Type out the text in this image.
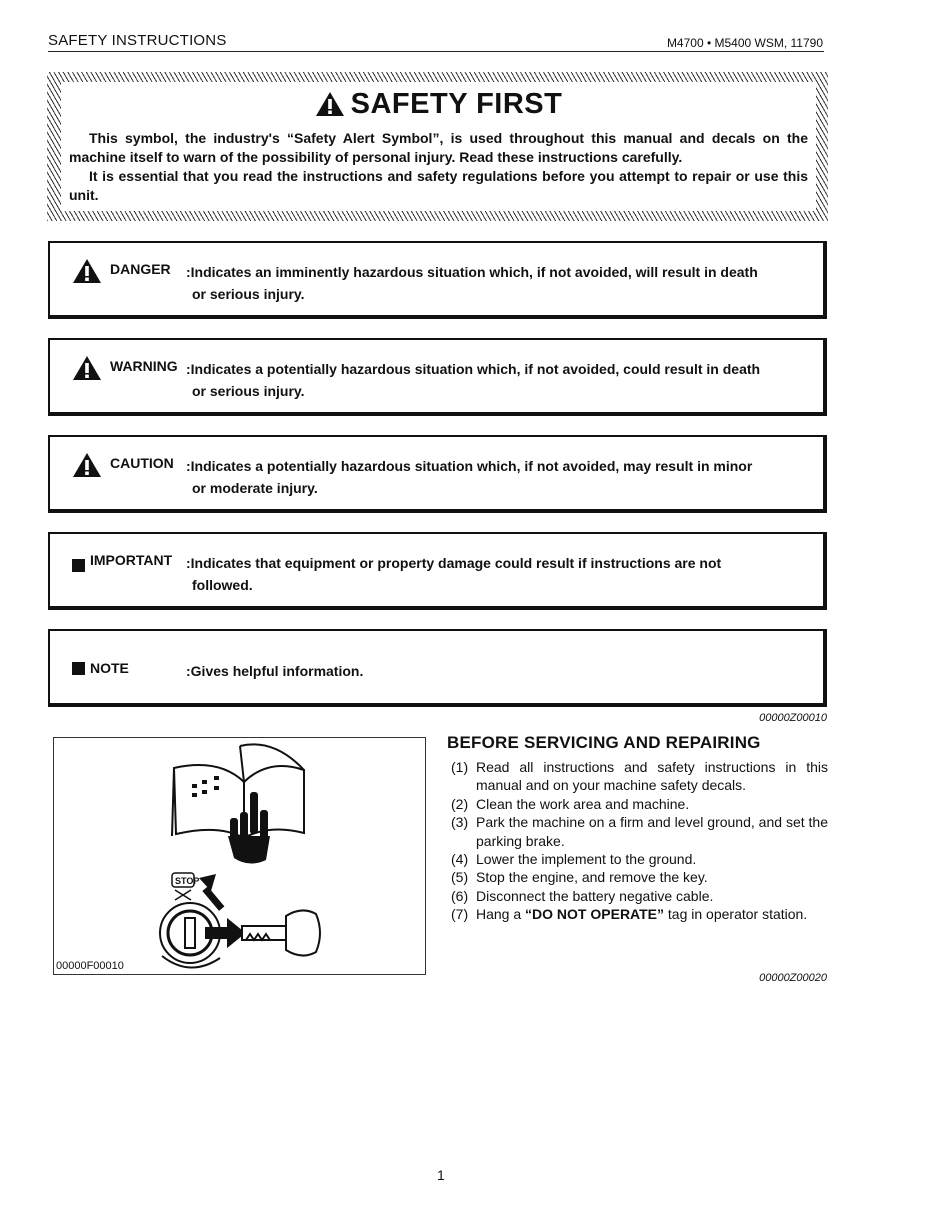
SAFETY INSTRUCTIONS	M4700 • M5400 WSM, 11790
SAFETY FIRST

This symbol, the industry's “Safety Alert Symbol”, is used throughout this manual and decals on the machine itself to warn of the possibility of personal injury. Read these instructions carefully.

It is essential that you read the instructions and safety regulations before you attempt to repair or use this unit.

DANGER :Indicates an imminently hazardous situation which, if not avoided, will result in death
or serious injury.
WARNING :Indicates a potentially hazardous situation which, if not avoided, could result in death
or serious injury.
CAUTION :Indicates a potentially hazardous situation which, if not avoided, may result in minor
or moderate injury.
IMPORTANT :Indicates that equipment or property damage could result if instructions are not
followed.
NOTE	:Gives helpful information.
00000Z00010
STOP
00000F00010
BEFORE SERVICING AND REPAIRING
(1) Read all instructions and safety instructions in this manual and on your machine safety decals.
(2) Clean the work area and machine.
(3) Park the machine on a firm and level ground, and set the parking brake.
(4) Lower the implement to the ground.
(5) Stop the engine, and remove the key.
(6) Disconnect the battery negative cable.
(7) Hang a “DO NOT OPERATE” tag in operator station.
00000Z00020
1
